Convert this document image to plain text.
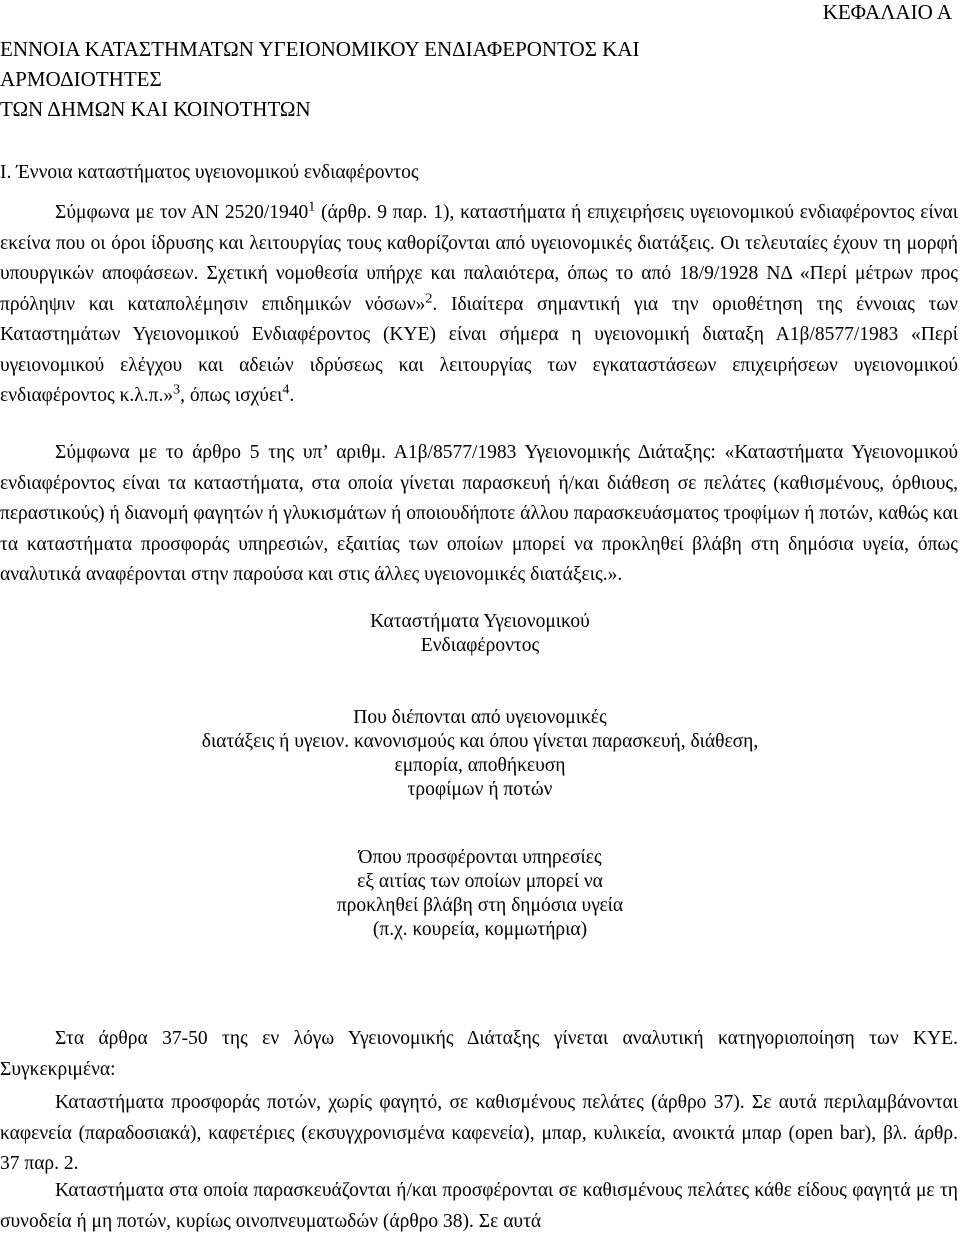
ΚΕΦΑΛΑΙΟ Α
ΕΝΝΟΙΑ ΚΑΤΑΣΤΗΜΑΤΩΝ ΥΓΕΙΟΝΟΜΙΚΟΥ ΕΝΔΙΑΦΕΡΟΝΤΟΣ ΚΑΙ
ΑΡΜΟΔΙΟΤΗΤΕΣ
ΤΩΝ ΔΗΜΩΝ ΚΑΙ ΚΟΙΝΟΤΗΤΩΝ
Ι. Έννοια καταστήματος υγειονομικού ενδιαφέροντος
Σύμφωνα με τον ΑΝ 2520/1940$^1$ (άρθρ. 9 παρ. 1), καταστήματα ή επιχειρήσεις υγειονομικού ενδιαφέροντος είναι εκείνα που οι όροι ίδρυσης και λειτουργίας τους καθορίζονται από υγειονομικές διατάξεις. Οι τελευταίες έχουν τη μορφή υπουργικών αποφάσεων. Σχετική νομοθεσία υπήρχε και παλαιότερα, όπως το από 18/9/1928 ΝΔ «Περί μέτρων προς πρόληψιν και καταπολέμησιν επιδημικών νόσων»$^2$. Ιδιαίτερα σημαντική για την οριοθέτηση της έννοιας των Καταστημάτων Υγειονομικού Ενδιαφέροντος (ΚΥΕ) είναι σήμερα η υγειονομική διαταξη Α1β/8577/1983 «Περί υγειονομικού ελέγχου και αδειών ιδρύσεως και λειτουργίας των εγκαταστάσεων επιχειρήσεων υγειονομικού ενδιαφέροντος κ.λ.π.»$^3$, όπως ισχύει$^4$.
Σύμφωνα με το άρθρο 5 της υπ’ αριθμ. Α1β/8577/1983 Υγειονομικής Διάταξης: «Καταστήματα Υγειονομικού ενδιαφέροντος είναι τα καταστήματα, στα οποία γίνεται παρασκευή ή/και διάθεση σε πελάτες (καθισμένους, όρθιους, περαστικούς) ή διανομή φαγητών ή γλυκισμάτων ή οποιουδήποτε άλλου παρασκευάσματος τροφίμων ή ποτών, καθώς και τα καταστήματα προσφοράς υπηρεσιών, εξαιτίας των οποίων μπορεί να προκληθεί βλάβη στη δημόσια υγεία, όπως αναλυτικά αναφέρονται στην παρούσα και στις άλλες υγειονομικές διατάξεις.».
Καταστήματα Υγειονομικού
Ενδιαφέροντος
Που διέπονται από υγειονομικές
διατάξεις ή υγειον. κανονισμούς και όπου γίνεται παρασκευή, διάθεση,
εμπορία, αποθήκευση
τροφίμων ή ποτών
Όπου προσφέρονται υπηρεσίες
εξ αιτίας των οποίων μπορεί να
προκληθεί βλάβη στη δημόσια υγεία
(π.χ. κουρεία, κομμωτήρια)
Στα άρθρα 37-50 της εν λόγω Υγειονομικής Διάταξης γίνεται αναλυτική κατηγοριοποίηση των ΚΥΕ. Συγκεκριμένα:
Καταστήματα προσφοράς ποτών, χωρίς φαγητό, σε καθισμένους πελάτες (άρθρο 37). Σε αυτά περιλαμβάνονται καφενεία (παραδοσιακά), καφετέριες (εκσυγχρονισμένα καφενεία), μπαρ, κυλικεία, ανοικτά μπαρ (open bar), βλ. άρθρ. 37 παρ. 2.
Καταστήματα στα οποία παρασκευάζονται ή/και προσφέρονται σε καθισμένους πελάτες κάθε είδους φαγητά με τη συνοδεία ή μη ποτών, κυρίως οινοπνευματωδών (άρθρο 38). Σε αυτά
